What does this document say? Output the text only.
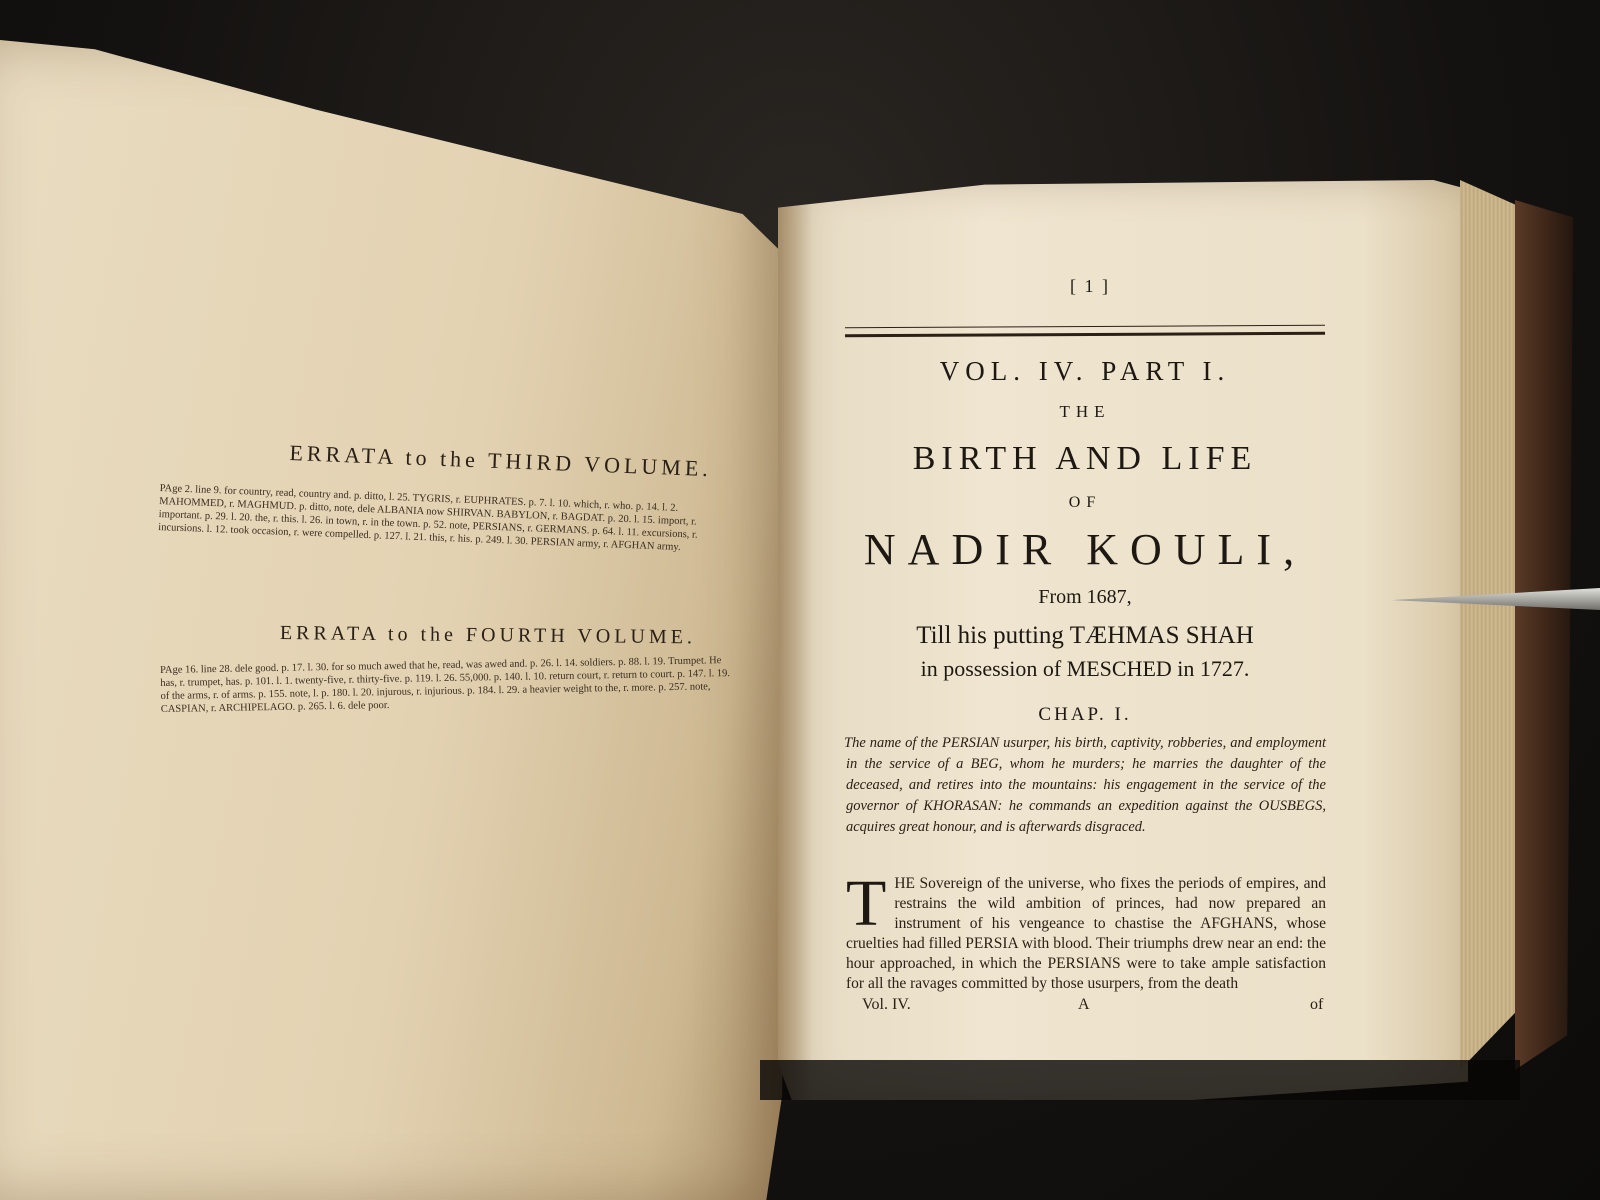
ERRATA to the THIRD VOLUME.
PAge 2. line 9. for country, read, country and. p. ditto, l. 25. TYGRIS, r. EUPHRATES. p. 7. l. 10. which, r. who. p. 14. l. 2. MAHOMMED, r. MAGHMUD. p. ditto, note, dele ALBANIA now SHIRVAN. BABYLON, r. BAGDAT. p. 20. l. 15. import, r. important. p. 29. l. 20. the, r. this. l. 26. in town, r. in the town. p. 52. note, PERSIANS, r. GERMANS. p. 64. l. 11. excursions, r. incursions. l. 12. took occasion, r. were compelled. p. 127. l. 21. this, r. his. p. 249. l. 30. PERSIAN army, r. AFGHAN army.
ERRATA to the FOURTH VOLUME.
PAge 16. line 28. dele good. p. 17. l. 30. for so much awed that he, read, was awed and. p. 26. l. 14. soldiers. p. 88. l. 19. Trumpet. He has, r. trumpet, has. p. 101. l. 1. twenty-five, r. thirty-five. p. 119. l. 26. 55,000. p. 140. l. 10. return court, r. return to court. p. 147. l. 19. of the arms, r. of arms. p. 155. note, l. p. 180. l. 20. injurous, r. injurious. p. 184. l. 29. a heavier weight to the, r. more. p. 257. note, CASPIAN, r. ARCHIPELAGO. p. 265. l. 6. dele poor.
[ 1 ]
VOL. IV. PART I.
THE
BIRTH AND LIFE
OF
NADIR KOULI,
From 1687,
Till his putting TÆHMAS SHAH
in possession of MESCHED in 1727.
CHAP. I.
The name of the PERSIAN usurper, his birth, captivity, robberies, and employment in the service of a BEG, whom he murders; he marries the daughter of the deceased, and retires into the mountains: his engagement in the service of the governor of KHORASAN: he commands an expedition against the OUSBEGS, acquires great honour, and is afterwards disgraced.
THE Sovereign of the universe, who fixes the periods of empires, and restrains the wild ambition of princes, had now prepared an instrument of his vengeance to chastise the AFGHANS, whose cruelties had filled PERSIA with blood. Their triumphs drew near an end: the hour approached, in which the PERSIANS were to take ample satisfaction for all the ravages committed by those usurpers, from the death
Vol. IV.	A	of
